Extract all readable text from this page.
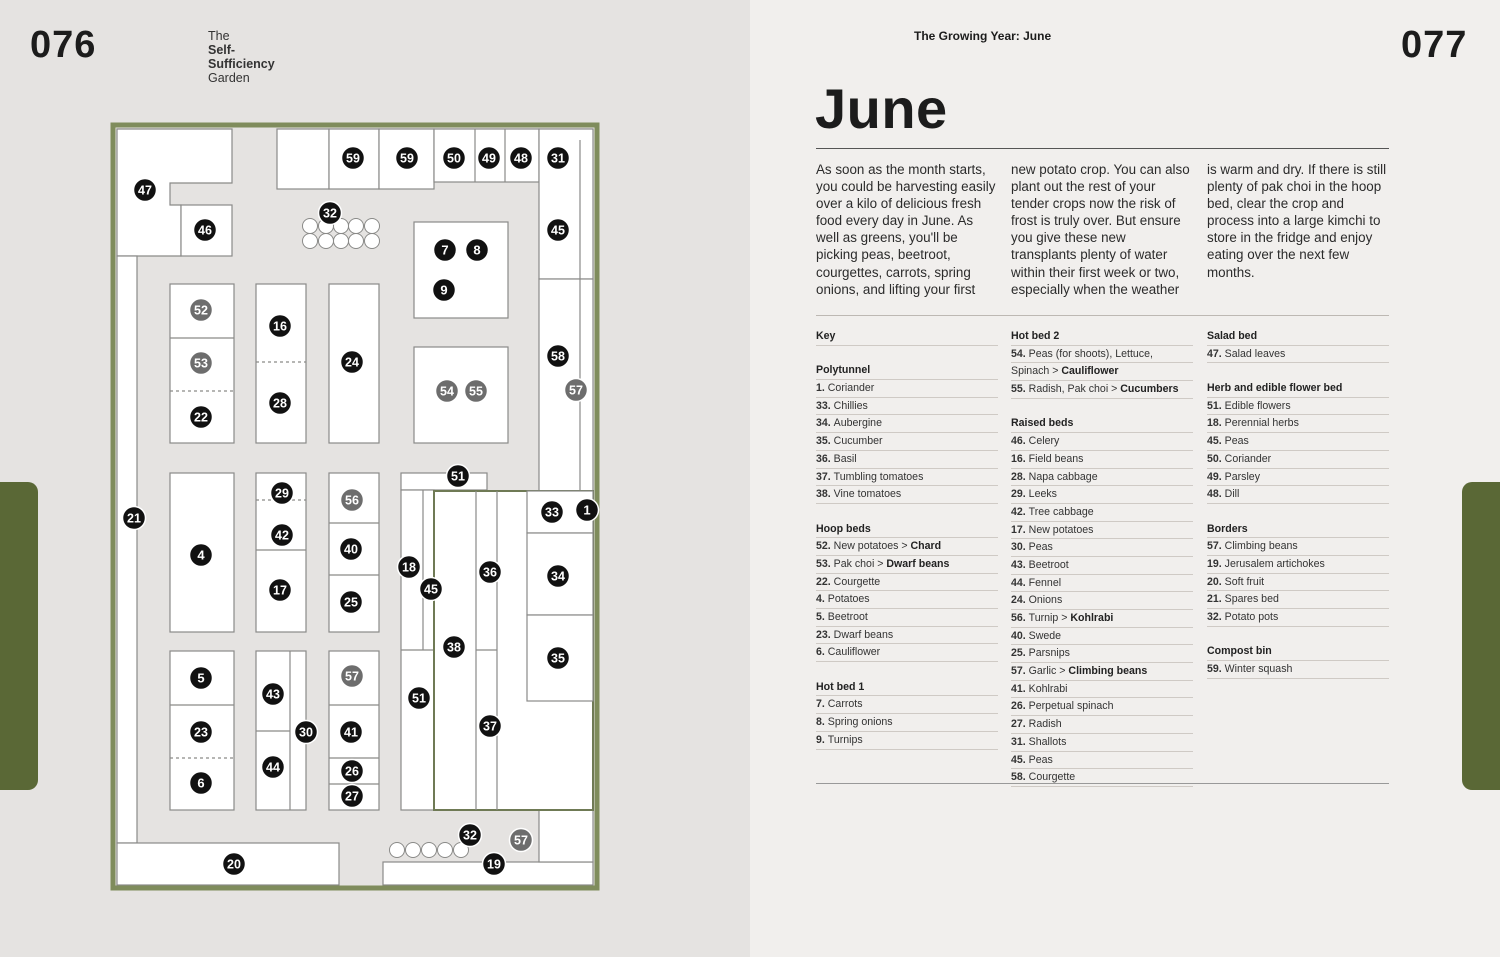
076	077
The
Self-
Sufficiency
Garden
The Growing Year: June
June
As soon as the month starts, you could be harvesting easily over a kilo of delicious fresh food every day in June. As well as greens, you'll be picking peas, beetroot, courgettes, carrots, spring onions, and lifting your first
new potato crop. You can also plant out the rest of your tender crops now the risk of frost is truly over. But ensure you give these new transplants plenty of water within their first week or two, especially when the weather
is warm and dry. If there is still plenty of pak choi in the hoop bed, clear the crop and process into a large kimchi to store in the fridge and enjoy eating over the next few months.
Key
Polytunnel
1. Coriander
33. Chillies
34. Aubergine
35. Cucumber
36. Basil
37. Tumbling tomatoes
38. Vine tomatoes
Hoop beds
52. New potatoes > Chard
53. Pak choi > Dwarf beans
22. Courgette
4. Potatoes
5. Beetroot
23. Dwarf beans
6. Cauliflower
Hot bed 1
7. Carrots
8. Spring onions
9. Turnips
Hot bed 2
54. Peas (for shoots), Lettuce,
Spinach > Cauliflower
55. Radish, Pak choi > Cucumbers
Raised beds
46. Celery
16. Field beans
28. Napa cabbage
29. Leeks
42. Tree cabbage
17. New potatoes
30. Peas
43. Beetroot
44. Fennel
24. Onions
56. Turnip > Kohlrabi
40. Swede
25. Parsnips
57. Garlic > Climbing beans
41. Kohlrabi
26. Perpetual spinach
27. Radish
31. Shallots
45. Peas
58. Courgette
Salad bed
47. Salad leaves
Herb and edible flower bed
51. Edible flowers
18. Perennial herbs
45. Peas
50. Coriander
49. Parsley
48. Dill
Borders
57. Climbing beans
19. Jerusalem artichokes
20. Soft fruit
21. Spares bed
32. Potato pots
Compost bin
59. Winter squash
47
46
59	59	50 49 48 31
32
45
7 8
9
52
53
22
16
28
24
54 55
58
57
21
4
29
42
17
56
40
25
51
18
45
36
33 1
34
35
38
5
23
6
43
44
30
57
41
26
27
51
37
32	57
19
20
